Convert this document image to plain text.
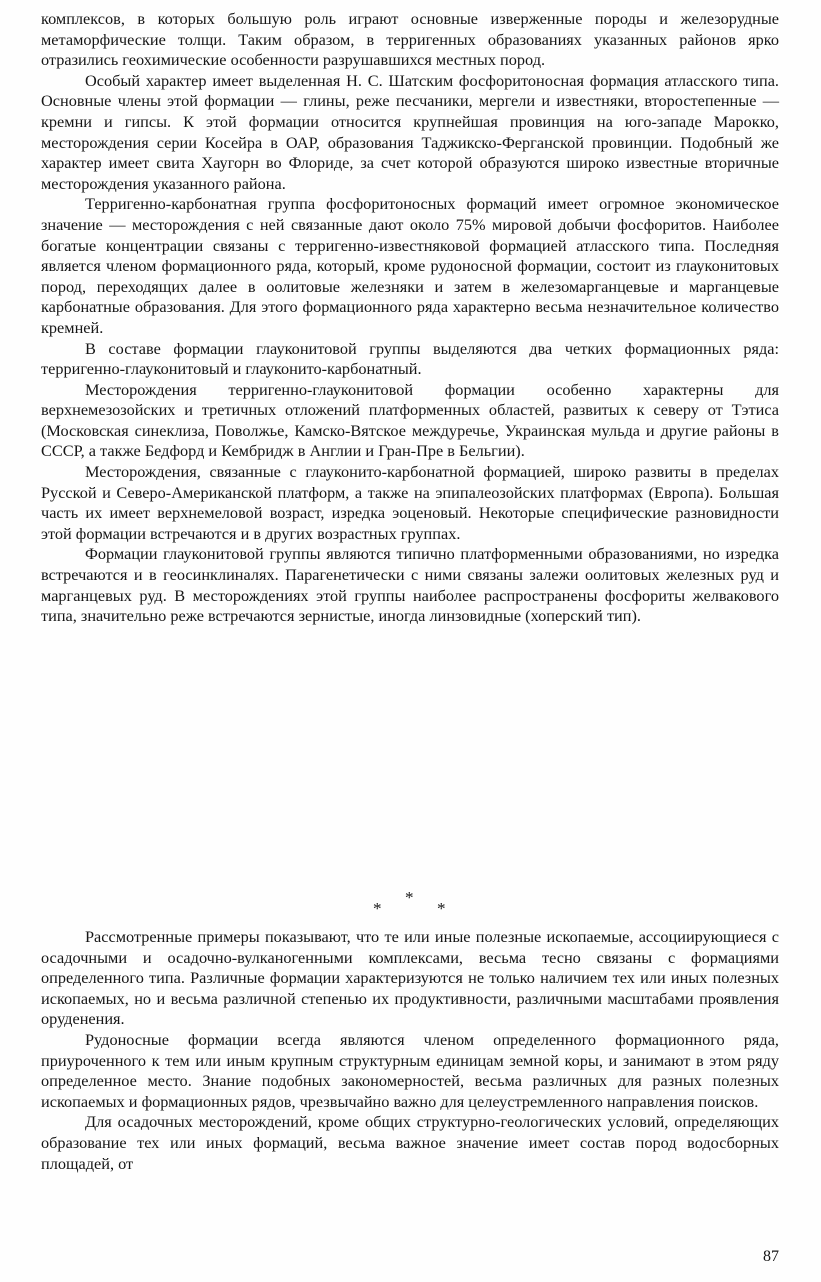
комплексов, в которых большую роль играют основные изверженные породы и железорудные метаморфические толщи. Таким образом, в терригенных образованиях указанных районов ярко отразились геохимические особенности разрушавшихся местных пород.

Особый характер имеет выделенная Н. С. Шатским фосфоритоносная формация атласского типа. Основные члены этой формации — глины, реже песчаники, мергели и известняки, второстепенные — кремни и гипсы. К этой формации относится крупнейшая провинция на юго-западе Марокко, месторождения серии Косейра в ОАР, образования Таджикско-Ферганской провинции. Подобный же характер имеет свита Хаугорн во Флориде, за счет которой образуются широко известные вторичные месторождения указанного района.

Терригенно-карбонатная группа фосфоритоносных формаций имеет огромное экономическое значение — месторождения с ней связанные дают около 75% мировой добычи фосфоритов. Наиболее богатые концентрации связаны с терригенно-известняковой формацией атласского типа. Последняя является членом формационного ряда, который, кроме рудоносной формации, состоит из глауконитовых пород, переходящих далее в оолитовые железняки и затем в железомарганцевые и марганцевые карбонатные образования. Для этого формационного ряда характерно весьма незначительное количество кремней.

В составе формации глауконитовой группы выделяются два четких формационных ряда: терригенно-глауконитовый и глауконито-карбонатный.

Месторождения терригенно-глауконитовой формации особенно характерны для верхнемезозойских и третичных отложений платформенных областей, развитых к северу от Тэтиса (Московская синеклиза, Поволжье, Камско-Вятское междуречье, Украинская мульда и другие районы в СССР, а также Бедфорд и Кембридж в Англии и Гран-Пре в Бельгии).

Месторождения, связанные с глауконито-карбонатной формацией, широко развиты в пределах Русской и Северо-Американской платформ, а также на эпипалеозойских платформах (Европа). Большая часть их имеет верхнемеловой возраст, изредка эоценовый. Некоторые специфические разновидности этой формации встречаются и в других возрастных группах.

Формации глауконитовой группы являются типично платформенными образованиями, но изредка встречаются и в геосинклиналях. Парагенетически с ними связаны залежи оолитовых железных руд и марганцевых руд. В месторождениях этой группы наиболее распространены фосфориты желвакового типа, значительно реже встречаются зернистые, иногда линзовидные (хоперский тип).

*
*	*

Рассмотренные примеры показывают, что те или иные полезные ископаемые, ассоциирующиеся с осадочными и осадочно-вулканогенными комплексами, весьма тесно связаны с формациями определенного типа. Различные формации характеризуются не только наличием тех или иных полезных ископаемых, но и весьма различной степенью их продуктивности, различными масштабами проявления оруденения.

Рудоносные формации всегда являются членом определенного формационного ряда, приуроченного к тем или иным крупным структурным единицам земной коры, и занимают в этом ряду определенное место. Знание подобных закономерностей, весьма различных для разных полезных ископаемых и формационных рядов, чрезвычайно важно для целеустремленного направления поисков.

Для осадочных месторождений, кроме общих структурно-геологических условий, определяющих образование тех или иных формаций, весьма важное значение имеет состав пород водосборных площадей, от

87
